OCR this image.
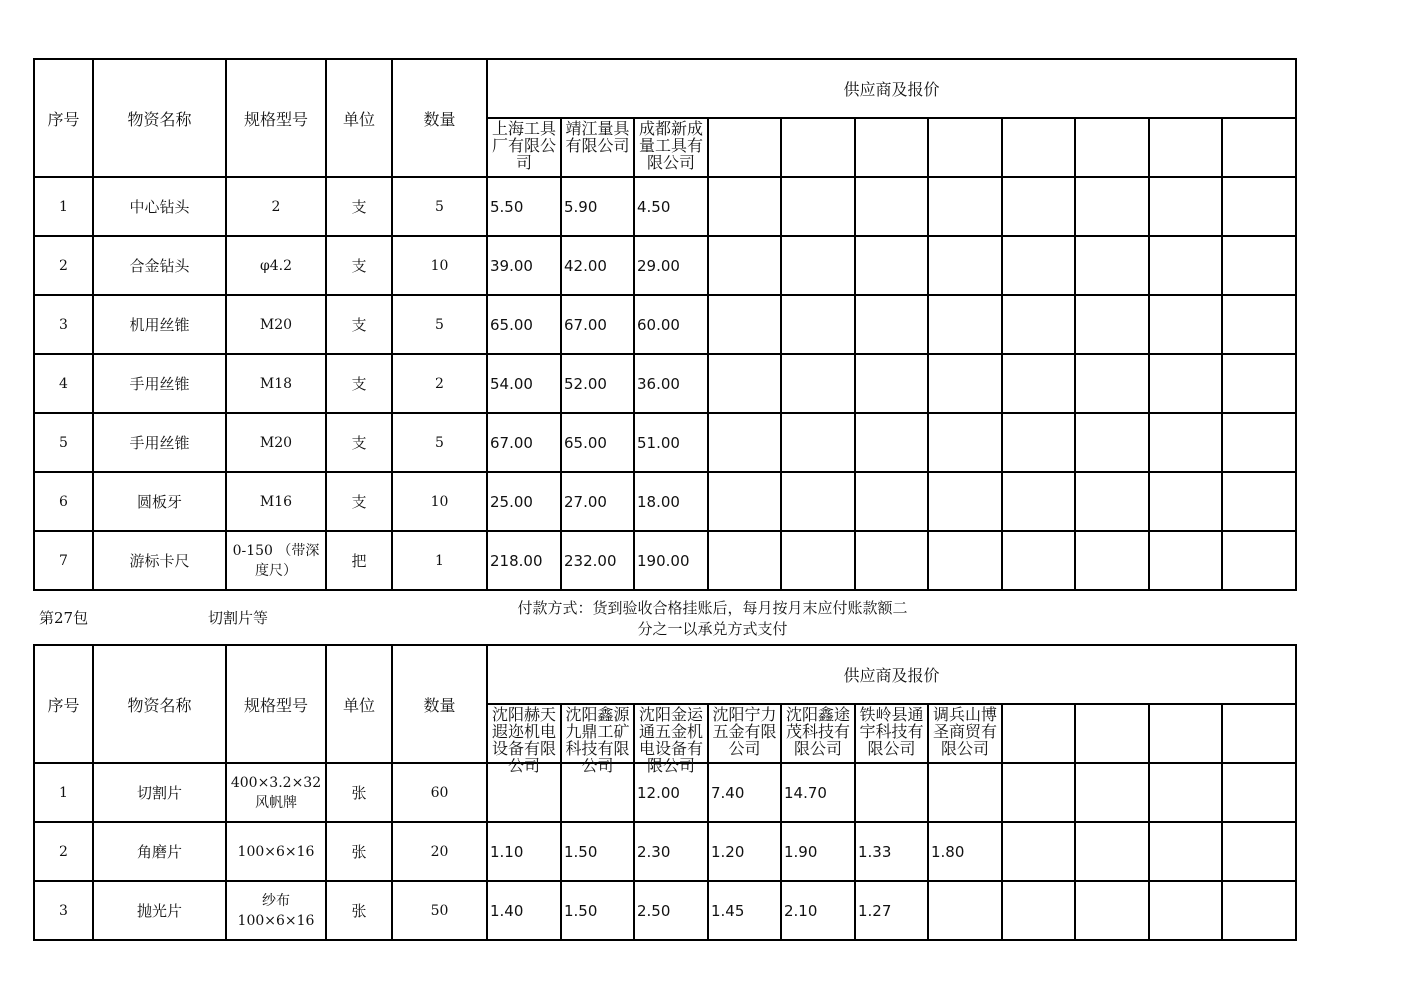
序号	物资名称	规格型号	单位	数量	供应商及报价										

					上海工具厂有限公司	靖江量具有限公司	成都新成量工具有限公司								

1	中心钻头	2	支	5	5.50	5.90	4.50								
2	合金钻头	φ4.2	支	10	39.00	42.00	29.00								
3	机用丝锥	M20	支	5	65.00	67.00	60.00								
4	手用丝锥	M18	支	2	54.00	52.00	36.00								
5	手用丝锥	M20	支	5	67.00	65.00	51.00								
6	圆板牙	M16	支	10	25.00	27.00	18.00								
7	游标卡尺	0-150 （带深度尺）	把	1	218.00	232.00	190.00								
第27包	切割片等
付款方式：货到验收合格挂账后，每月按月末应付账款额二
分之一以承兑方式支付
序号	物资名称	规格型号	单位	数量	供应商及报价										

					沈阳赫天遐迩机电设备有限公司	沈阳鑫源九鼎工矿科技有限公司	沈阳金运通五金机电设备有限公司	沈阳宁力五金有限公司	沈阳鑫途茂科技有限公司	铁岭县通宇科技有限公司	调兵山博圣商贸有限公司				

1	切割片	400×3.2×32 风帆牌	张	60			12.00	7.40	14.70						
2	角磨片	100×6×16	张	20	1.10	1.50	2.30	1.20	1.90	1.33	1.80				
3	抛光片	纱布100×6×16	张	50	1.40	1.50	2.50	1.45	2.10	1.27					
